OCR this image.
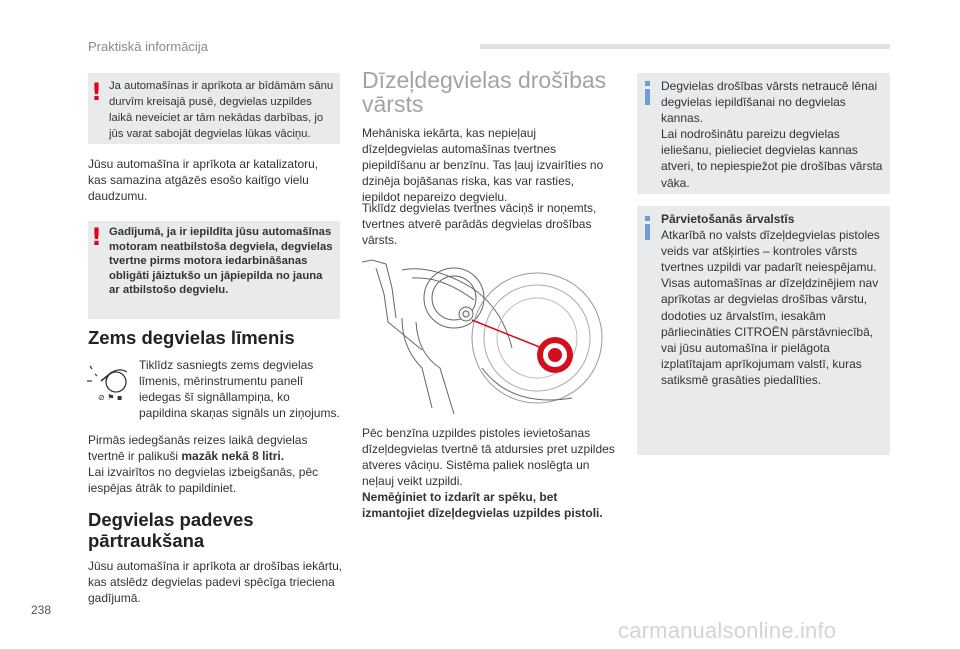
Praktiskā informācija
! Ja automašīnas ir aprīkota ar bīdāmām sānu durvīm kreisajā pusē, degvielas uzpildes laikā neveiciet ar tām nekādas darbības, jo jūs varat sabojāt degvielas lūkas vāciņu.

Jūsu automašīna ir aprīkota ar katalizatoru, kas samazina atgāzēs esošo kaitīgo vielu daudzumu.

! Gadījumā, ja ir iepildīta jūsu automašīnas motoram neatbilstoša degviela, degvielas tvertne pirms motora iedarbināšanas obligāti jāiztukšo un jāpiepilda no jauna ar atbilstošo degvielu.

Zems degvielas līmenis
⊘ ⚑ ▪

Tiklīdz sasniegts zems degvielas līmenis, mērinstrumentu panelī iedegas šī signāllampiņa, ko papildina skaņas signāls un ziņojums.

Pirmās iedegšanās reizes laikā degvielas tvertnē ir palikuši mazāk nekā 8 litri.
Lai izvairītos no degvielas izbeigšanās, pēc iespējas ātrāk to papildiniet.

Degvielas padeves
pārtraukšana

Jūsu automašīna ir aprīkota ar drošības iekārtu, kas atslēdz degvielas padevi spēcīga trieciena gadījumā.

Dīzeļdegvielas drošības
vārsts

Mehāniska iekārta, kas nepieļauj dīzeļdegvielas automašīnas tvertnes piepildīšanu ar benzīnu. Tas ļauj izvairīties no dzinēja bojāšanas riska, kas var rasties, iepildot nepareizo degvielu.

Tiklīdz degvielas tvertnes vāciņš ir noņemts, tvertnes atverē parādās degvielas drošības vārsts.

Pēc benzīna uzpildes pistoles ievietošanas dīzeļdegvielas tvertnē tā atdursies pret uzpildes atveres vāciņu. Sistēma paliek noslēgta un neļauj veikt uzpildi.
Nemēģiniet to izdarīt ar spēku, bet izmantojiet dīzeļdegvielas uzpildes pistoli.

Degvielas drošības vārsts netraucē lēnai degvielas iepildīšanai no degvielas kannas.
Lai nodrošinātu pareizu degvielas ieliešanu, pielieciet degvielas kannas atveri, to nepiespiežot pie drošības vārsta vāka.
Pārvietošanās ārvalstīs
Atkarībā no valsts dīzeļdegvielas pistoles veids var atšķirties – kontroles vārsts tvertnes uzpildi var padarīt neiespējamu. Visas automašīnas ar dīzeļdzinējiem nav aprīkotas ar degvielas drošības vārstu, dodoties uz ārvalstīm, iesakām pārliecināties CITROËN pārstāvniecībā, vai jūsu automašīna ir pielāgota izplatītajam aprīkojumam valstī, kuras satiksmē grasāties piedalīties.
238
carmanualsonline.info
